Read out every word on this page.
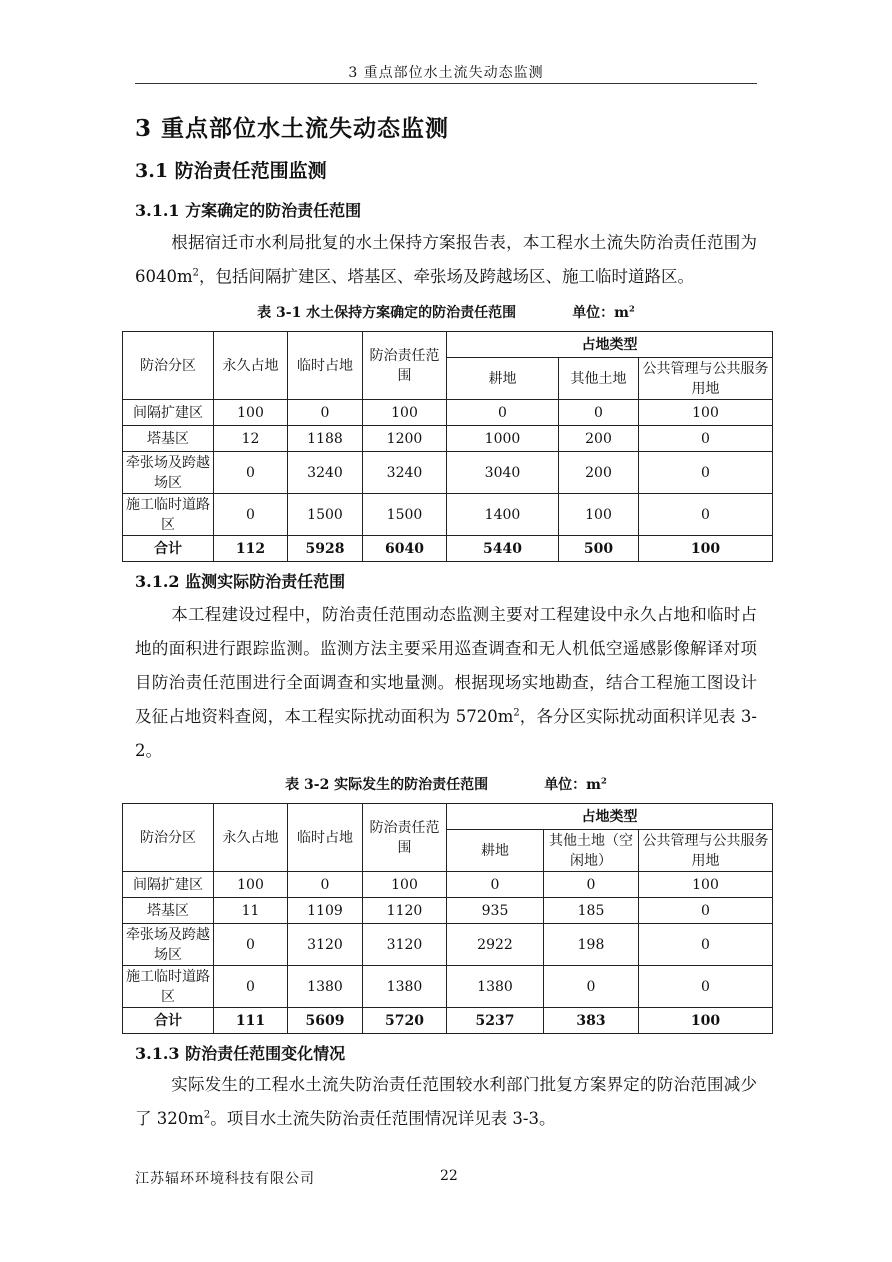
3 重点部位水土流失动态监测
3 重点部位水土流失动态监测
3.1 防治责任范围监测
3.1.1 方案确定的防治责任范围

根据宿迁市水利局批复的水土保持方案报告表，本工程水土流失防治责任范围为 $6040m^2$，包括间隔扩建区、塔基区、牵张场及跨越场区、施工临时道路区。

表 3-1 水土保持方案确定的防治责任范围	单位：$m^2$
防治分区	永久占地	临时占地	防治责任范围	占地类型		
				耕地	其他土地	公共管理与公共服务用地
间隔扩建区	100	0	100	0	0	100
塔基区	12	1188	1200	1000	200	0
牵张场及跨越场区	0	3240	3240	3040	200	0
施工临时道路区	0	1500	1500	1400	100	0
合计	112	5928	6040	5440	500	100
3.1.2 监测实际防治责任范围

本工程建设过程中，防治责任范围动态监测主要对工程建设中永久占地和临时占地的面积进行跟踪监测。监测方法主要采用巡查调查和无人机低空遥感影像解译对项目防治责任范围进行全面调查和实地量测。根据现场实地勘查，结合工程施工图设计及征占地资料查阅，本工程实际扰动面积为 $5720m^2$，各分区实际扰动面积详见表 3-2。

表 3-2 实际发生的防治责任范围	单位：$m^2$
防治分区	永久占地	临时占地	防治责任范围	占地类型		
				耕地	其他土地（空闲地）	公共管理与公共服务用地
间隔扩建区	100	0	100	0	0	100
塔基区	11	1109	1120	935	185	0
牵张场及跨越场区	0	3120	3120	2922	198	0
施工临时道路区	0	1380	1380	1380	0	0
合计	111	5609	5720	5237	383	100
3.1.3 防治责任范围变化情况

实际发生的工程水土流失防治责任范围较水利部门批复方案界定的防治范围减少了 $320m^2$。项目水土流失防治责任范围情况详见表 3-3。

江苏辐环环境科技有限公司	22
